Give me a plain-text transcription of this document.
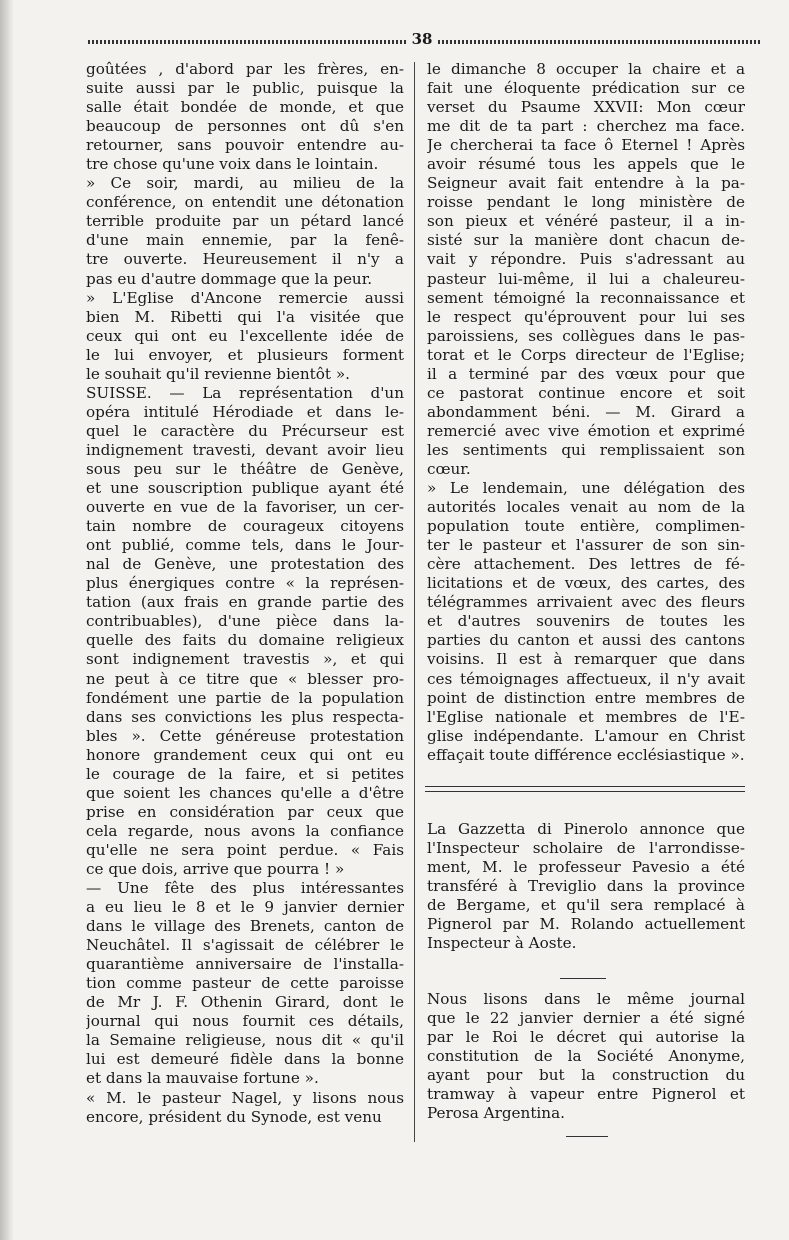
38
goûtées , d'abord par les frères, en-
suite aussi par le public, puisque la
salle était bondée de monde, et que
beaucoup de personnes ont dû s'en
retourner, sans pouvoir entendre au-
tre chose qu'une voix dans le lointain.
» Ce soir, mardi, au milieu de la
conférence, on entendit une détonation
terrible produite par un pétard lancé
d'une main ennemie, par la fenê-
tre ouverte. Heureusement il n'y a
pas eu d'autre dommage que la peur.
» L'Eglise d'Ancone remercie aussi
bien M. Ribetti qui l'a visitée que
ceux qui ont eu l'excellente idée de
le lui envoyer, et plusieurs forment
le souhait qu'il revienne bientôt ».
SUISSE. — La représentation d'un
opéra intitulé Hérodiade et dans le-
quel le caractère du Précurseur est
indignement travesti, devant avoir lieu
sous peu sur le théâtre de Genève,
et une souscription publique ayant été
ouverte en vue de la favoriser, un cer-
tain nombre de courageux citoyens
ont publié, comme tels, dans le Jour-
nal de Genève, une protestation des
plus énergiques contre « la représen-
tation (aux frais en grande partie des
contribuables), d'une pièce dans la-
quelle des faits du domaine religieux
sont indignement travestis », et qui
ne peut à ce titre que « blesser pro-
fondément une partie de la population
dans ses convictions les plus respecta-
bles ». Cette généreuse protestation
honore grandement ceux qui ont eu
le courage de la faire, et si petites
que soient les chances qu'elle a d'être
prise en considération par ceux que
cela regarde, nous avons la confiance
qu'elle ne sera point perdue. « Fais
ce que dois, arrive que pourra ! »
— Une fête des plus intéressantes
a eu lieu le 8 et le 9 janvier dernier
dans le village des Brenets, canton de
Neuchâtel. Il s'agissait de célébrer le
quarantième anniversaire de l'installa-
tion comme pasteur de cette paroisse
de Mr J. F. Othenin Girard, dont le
journal qui nous fournit ces détails,
la Semaine religieuse, nous dit « qu'il
lui est demeuré fidèle dans la bonne
et dans la mauvaise fortune ».
« M. le pasteur Nagel, y lisons nous
encore, président du Synode, est venu
le dimanche 8 occuper la chaire et a
fait une éloquente prédication sur ce
verset du Psaume XXVII: Mon cœur
me dit de ta part : cherchez ma face.
Je chercherai ta face ô Eternel ! Après
avoir résumé tous les appels que le
Seigneur avait fait entendre à la pa-
roisse pendant le long ministère de
son pieux et vénéré pasteur, il a in-
sisté sur la manière dont chacun de-
vait y répondre. Puis s'adressant au
pasteur lui-même, il lui a chaleureu-
sement témoigné la reconnaissance et
le respect qu'éprouvent pour lui ses
paroissiens, ses collègues dans le pas-
torat et le Corps directeur de l'Eglise;
il a terminé par des vœux pour que
ce pastorat continue encore et soit
abondamment béni. — M. Girard a
remercié avec vive émotion et exprimé
les sentiments qui remplissaient son
cœur.
» Le lendemain, une délégation des
autorités locales venait au nom de la
population toute entière, complimen-
ter le pasteur et l'assurer de son sin-
cère attachement. Des lettres de fé-
licitations et de vœux, des cartes, des
télégrammes arrivaient avec des fleurs
et d'autres souvenirs de toutes les
parties du canton et aussi des cantons
voisins. Il est à remarquer que dans
ces témoignages affectueux, il n'y avait
point de distinction entre membres de
l'Eglise nationale et membres de l'E-
glise indépendante. L'amour en Christ
effaçait toute différence ecclésiastique ».
La Gazzetta di Pinerolo annonce que
l'Inspecteur scholaire de l'arrondisse-
ment, M. le professeur Pavesio a été
transféré à Treviglio dans la province
de Bergame, et qu'il sera remplacé à
Pignerol par M. Rolando actuellement
Inspecteur à Aoste.
Nous lisons dans le même journal
que le 22 janvier dernier a été signé
par le Roi le décret qui autorise la
constitution de la Société Anonyme,
ayant pour but la construction du
tramway à vapeur entre Pignerol et
Perosa Argentina.
